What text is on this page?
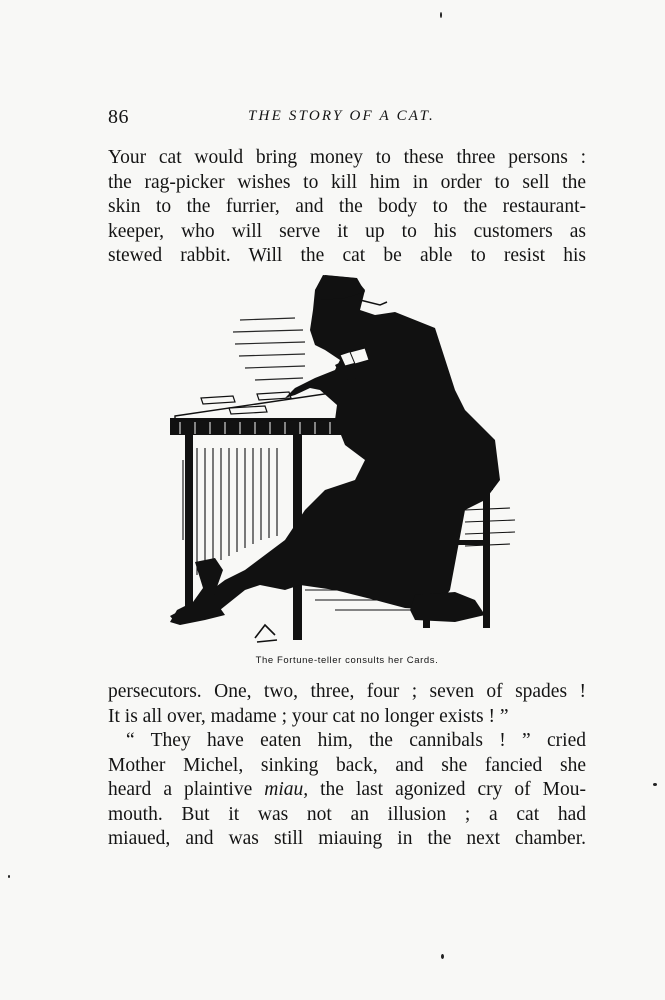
86	THE STORY OF A CAT.
Your cat would bring money to these three persons :
the rag-picker wishes to kill him in order to sell the
skin to the furrier, and the body to the restaurant-
keeper, who will serve it up to his customers as
stewed rabbit. Will the cat be able to resist his
The Fortune-teller consults her Cards.
persecutors. One, two, three, four ; seven of spades !
It is all over, madame ; your cat no longer exists ! ”
“ They have eaten him, the cannibals ! ” cried
Mother Michel, sinking back, and she fancied she
heard a plaintive miau, the last agonized cry of Mou-
mouth. But it was not an illusion ; a cat had
miaued, and was still miauing in the next chamber.
